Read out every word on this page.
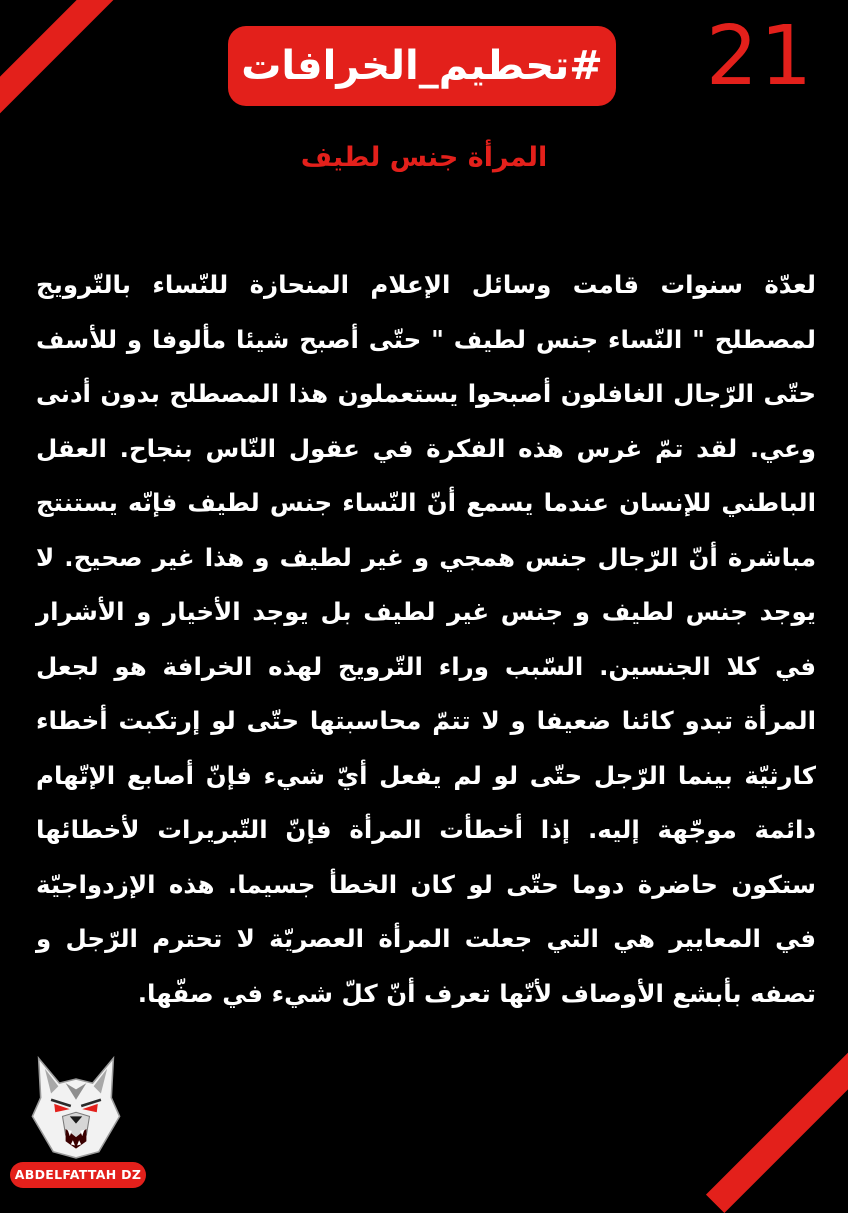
#تحطيم_الخرافات 21
المرأة جنس لطيف

لعدّة سنوات قامت وسائل الإعلام المنحازة للنّساء بالتّرويج لمصطلح " النّساء جنس لطيف " حتّى أصبح شيئا مألوفا و للأسف حتّى الرّجال الغافلون أصبحوا يستعملون هذا المصطلح بدون أدنى وعي. لقد تمّ غرس هذه الفكرة في عقول النّاس بنجاح. العقل الباطني للإنسان عندما يسمع أنّ النّساء جنس لطيف فإنّه يستنتج مباشرة أنّ الرّجال جنس همجي و غير لطيف و هذا غير صحيح. لا يوجد جنس لطيف و جنس غير لطيف بل يوجد الأخيار و الأشرار في كلا الجنسين. السّبب وراء التّرويج لهذه الخرافة هو لجعل المرأة تبدو كائنا ضعيفا و لا تتمّ محاسبتها حتّى لو إرتكبت أخطاء كارثيّة بينما الرّجل حتّى لو لم يفعل أيّ شيء فإنّ أصابع الإتّهام دائمة موجّهة إليه. إذا أخطأت المرأة فإنّ التّبريرات لأخطائها ستكون حاضرة دوما حتّى لو كان الخطأ جسيما. هذه الإزدواجيّة في المعايير هي التي جعلت المرأة العصريّة لا تحترم الرّجل و تصفه بأبشع الأوصاف لأنّها تعرف أنّ كلّ شيء في صفّها.

ABDELFATTAH DZ
